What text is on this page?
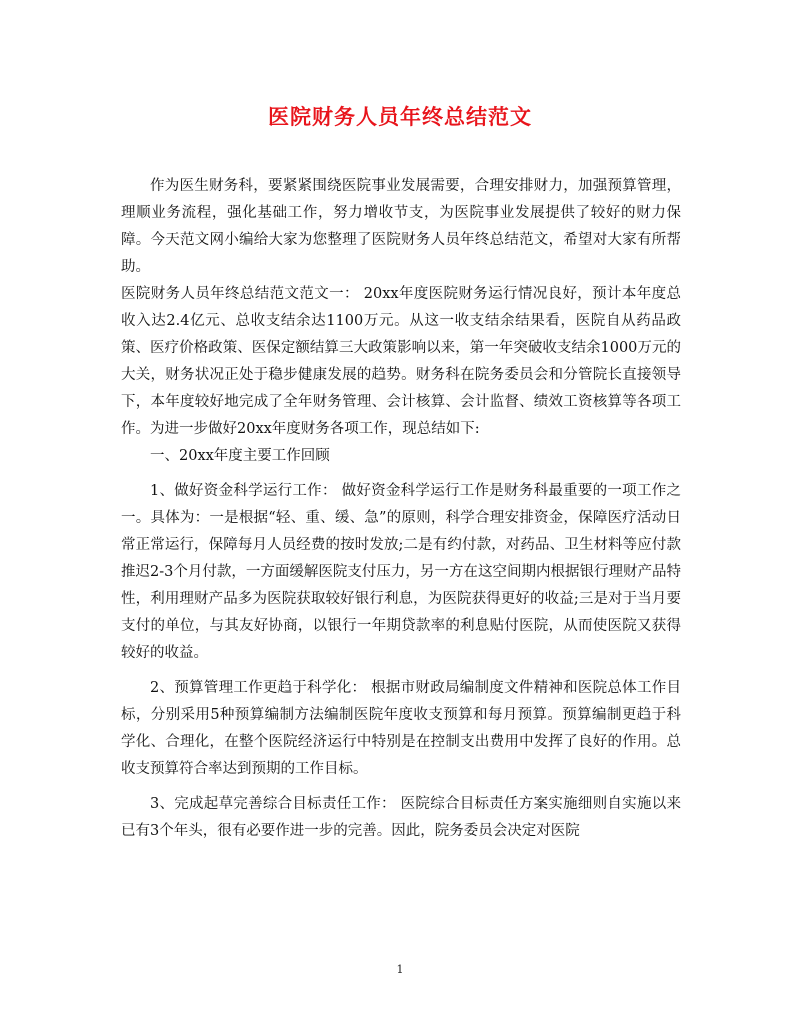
医院财务人员年终总结范文

作为医生财务科，要紧紧围绕医院事业发展需要，合理安排财力，加强预算管理，理顺业务流程，强化基础工作，努力增收节支，为医院事业发展提供了较好的财力保障。今天范文网小编给大家为您整理了医院财务人员年终总结范文，希望对大家有所帮助。

医院财务人员年终总结范文范文一： 20xx年度医院财务运行情况良好，预计本年度总收入达2.4亿元、总收支结余达1100万元。从这一收支结余结果看，医院自从药品政策、医疗价格政策、医保定额结算三大政策影响以来，第一年突破收支结余1000万元的大关，财务状况正处于稳步健康发展的趋势。财务科在院务委员会和分管院长直接领导下，本年度较好地完成了全年财务管理、会计核算、会计监督、绩效工资核算等各项工作。为进一步做好20xx年度财务各项工作，现总结如下:

一、20xx年度主要工作回顾

1、做好资金科学运行工作： 做好资金科学运行工作是财务科最重要的一项工作之一。具体为：一是根据“轻、重、缓、急”的原则，科学合理安排资金，保障医疗活动日常正常运行，保障每月人员经费的按时发放;二是有约付款，对药品、卫生材料等应付款推迟2-3个月付款，一方面缓解医院支付压力，另一方在这空间期内根据银行理财产品特性，利用理财产品多为医院获取较好银行利息，为医院获得更好的收益;三是对于当月要支付的单位，与其友好协商，以银行一年期贷款率的利息贴付医院，从而使医院又获得较好的收益。

2、预算管理工作更趋于科学化： 根据市财政局编制度文件精神和医院总体工作目标，分别采用5种预算编制方法编制医院年度收支预算和每月预算。预算编制更趋于科学化、合理化，在整个医院经济运行中特别是在控制支出费用中发挥了良好的作用。总收支预算符合率达到预期的工作目标。

3、完成起草完善综合目标责任工作： 医院综合目标责任方案实施细则自实施以来已有3个年头，很有必要作进一步的完善。因此，院务委员会决定对医院

1
